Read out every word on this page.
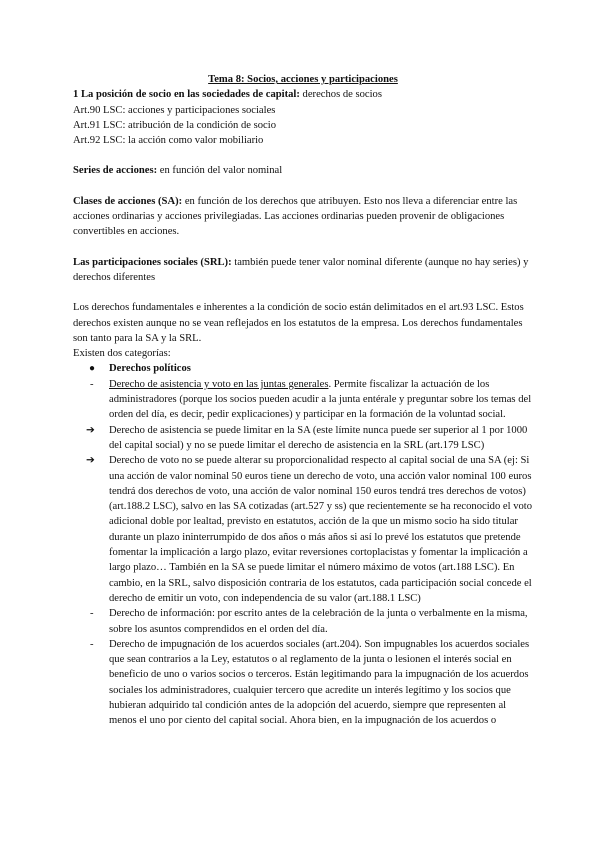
Tema 8: Socios, acciones y participaciones

1 La posición de socio en las sociedades de capital: derechos de socios

Art.90 LSC: acciones y participaciones sociales

Art.91 LSC: atribución de la condición de socio

Art.92 LSC: la acción como valor mobiliario

Series de acciones: en función del valor nominal

Clases de acciones (SA): en función de los derechos que atribuyen. Esto nos lleva a diferenciar entre las acciones ordinarias y acciones privilegiadas. Las acciones ordinarias pueden provenir de obligaciones convertibles en acciones.

Las participaciones sociales (SRL): también puede tener valor nominal diferente (aunque no hay series) y derechos diferentes

Los derechos fundamentales e inherentes a la condición de socio están delimitados en el art.93 LSC. Estos derechos existen aunque no se vean reflejados en los estatutos de la empresa. Los derechos fundamentales son tanto para la SA y la SRL.

Existen dos categorías:

● Derechos políticos
- Derecho de asistencia y voto en las juntas generales. Permite fiscalizar la actuación de los administradores (porque los socios pueden acudir a la junta entérale y preguntar sobre los temas del orden del día, es decir, pedir explicaciones) y participar en la formación de la voluntad social.
➔ Derecho de asistencia se puede limitar en la SA (este límite nunca puede ser superior al 1 por 1000 del capital social) y no se puede limitar el derecho de asistencia en la SRL (art.179 LSC)
➔ Derecho de voto no se puede alterar su proporcionalidad respecto al capital social de una SA (ej: Si una acción de valor nominal 50 euros tiene un derecho de voto, una acción valor nominal 100 euros tendrá dos derechos de voto, una acción de valor nominal 150 euros tendrá tres derechos de votos) (art.188.2 LSC), salvo en las SA cotizadas (art.527 y ss) que recientemente se ha reconocido el voto adicional doble por lealtad, previsto en estatutos, acción de la que un mismo socio ha sido titular durante un plazo ininterrumpido de dos años o más años si así lo prevé los estatutos que pretende fomentar la implicación a largo plazo, evitar reversiones cortoplacistas y fomentar la implicación a largo plazo… También en la SA se puede limitar el número máximo de votos (art.188 LSC). En cambio, en la SRL, salvo disposición contraria de los estatutos, cada participación social concede el derecho de emitir un voto, con independencia de su valor (art.188.1 LSC)
- Derecho de información: por escrito antes de la celebración de la junta o verbalmente en la misma, sobre los asuntos comprendidos en el orden del día.
- Derecho de impugnación de los acuerdos sociales (art.204). Son impugnables los acuerdos sociales que sean contrarios a la Ley, estatutos o al reglamento de la junta o lesionen el interés social en beneficio de uno o varios socios o terceros. Están legitimando para la impugnación de los acuerdos sociales los administradores, cualquier tercero que acredite un interés legítimo y los socios que hubieran adquirido tal condición antes de la adopción del acuerdo, siempre que representen al menos el uno por ciento del capital social. Ahora bien, en la impugnación de los acuerdos o
